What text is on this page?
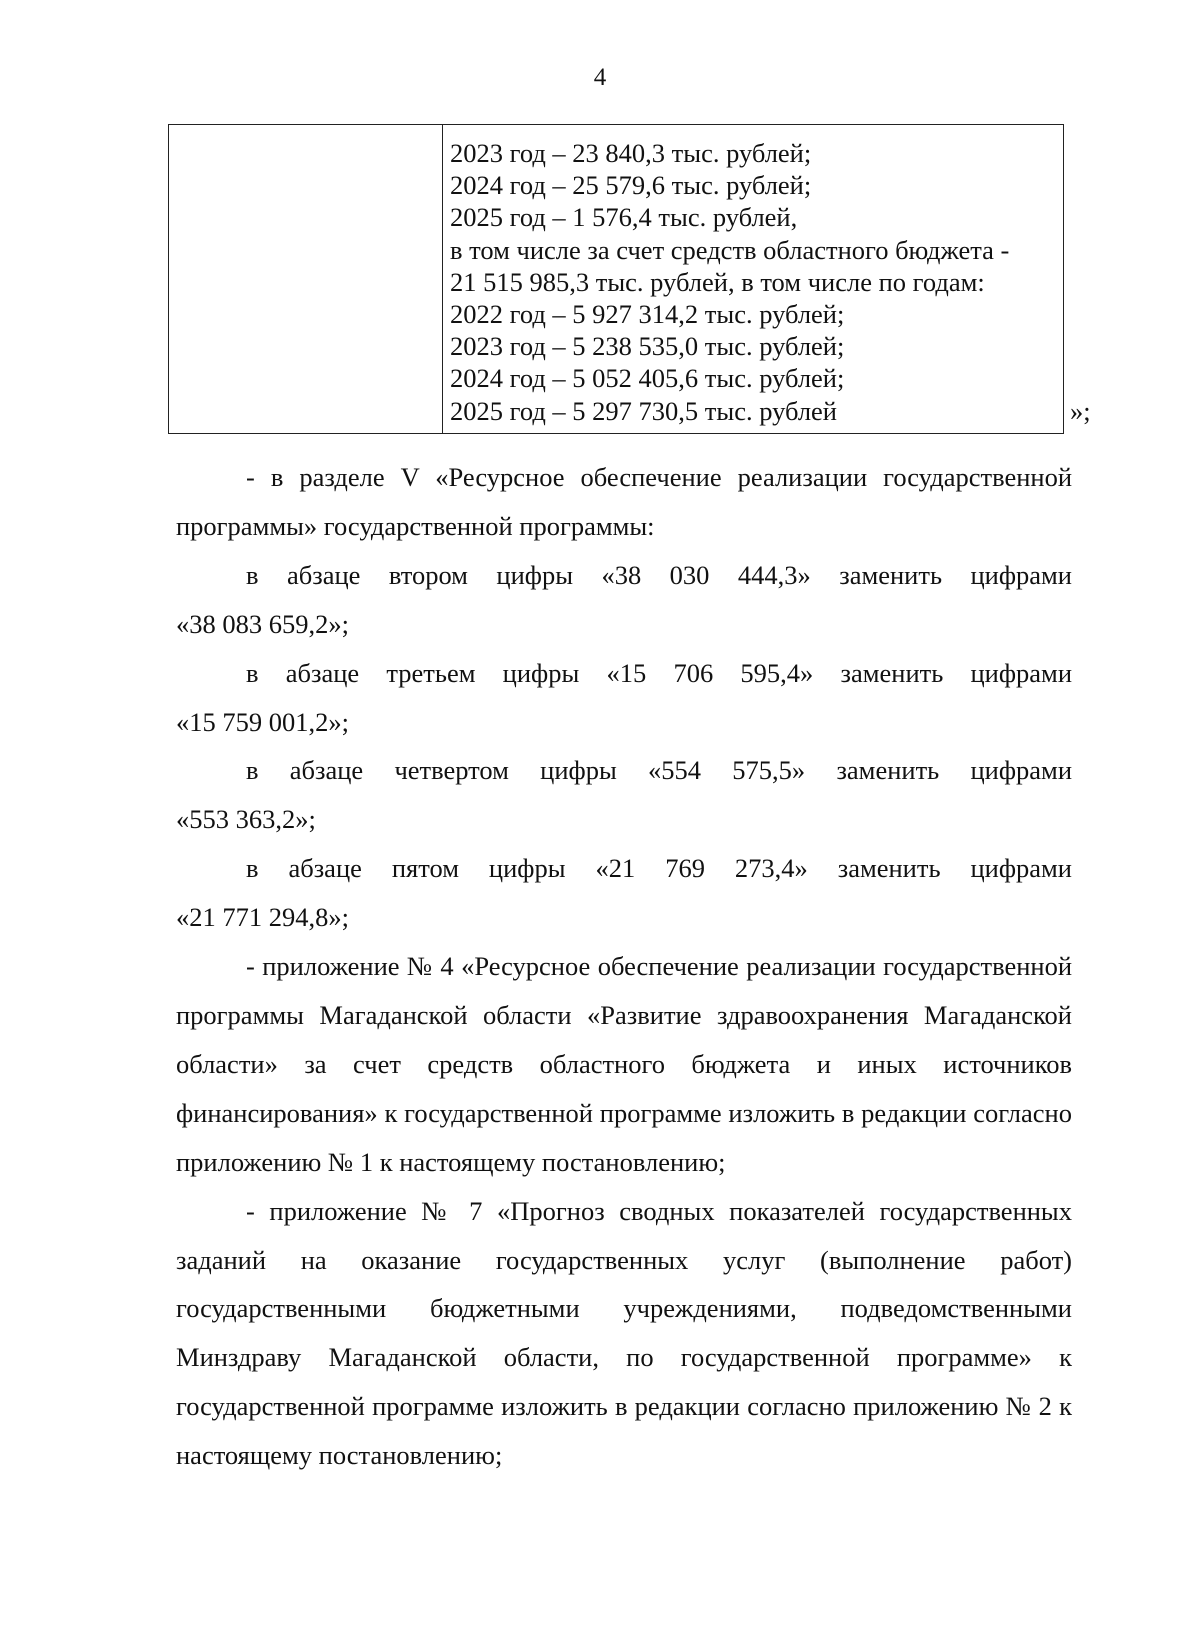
4
2023 год – 23 840,3 тыс. рублей;
2024 год – 25 579,6 тыс. рублей;
2025 год – 1 576,4 тыс. рублей,
в том числе за счет средств областного бюджета -
21 515 985,3 тыс. рублей, в том числе по годам:
2022 год – 5 927 314,2 тыс. рублей;
2023 год – 5 238 535,0 тыс. рублей;
2024 год – 5 052 405,6 тыс. рублей;
2025 год – 5 297 730,5 тыс. рублей	»;

- в разделе V «Ресурсное обеспечение реализации государственной

программы» государственной программы:

в абзаце втором цифры «38 030 444,3» заменить цифрами

«38 083 659,2»;

в абзаце третьем цифры «15 706 595,4» заменить цифрами

«15 759 001,2»;

в абзаце четвертом цифры «554 575,5» заменить цифрами

«553 363,2»;

в абзаце пятом цифры «21 769 273,4» заменить цифрами

«21 771 294,8»;

- приложение № 4 «Ресурсное обеспечение реализации государственной программы Магаданской области «Развитие здравоохранения Магаданской области» за счет средств областного бюджета и иных источников финансирования» к государственной программе изложить в редакции согласно приложению № 1 к настоящему постановлению;

- приложение № 7 «Прогноз сводных показателей государственных заданий на оказание государственных услуг (выполнение работ) государственными бюджетными учреждениями, подведомственными Минздраву Магаданской области, по государственной программе» к государственной программе изложить в редакции согласно приложению № 2 к настоящему постановлению;
